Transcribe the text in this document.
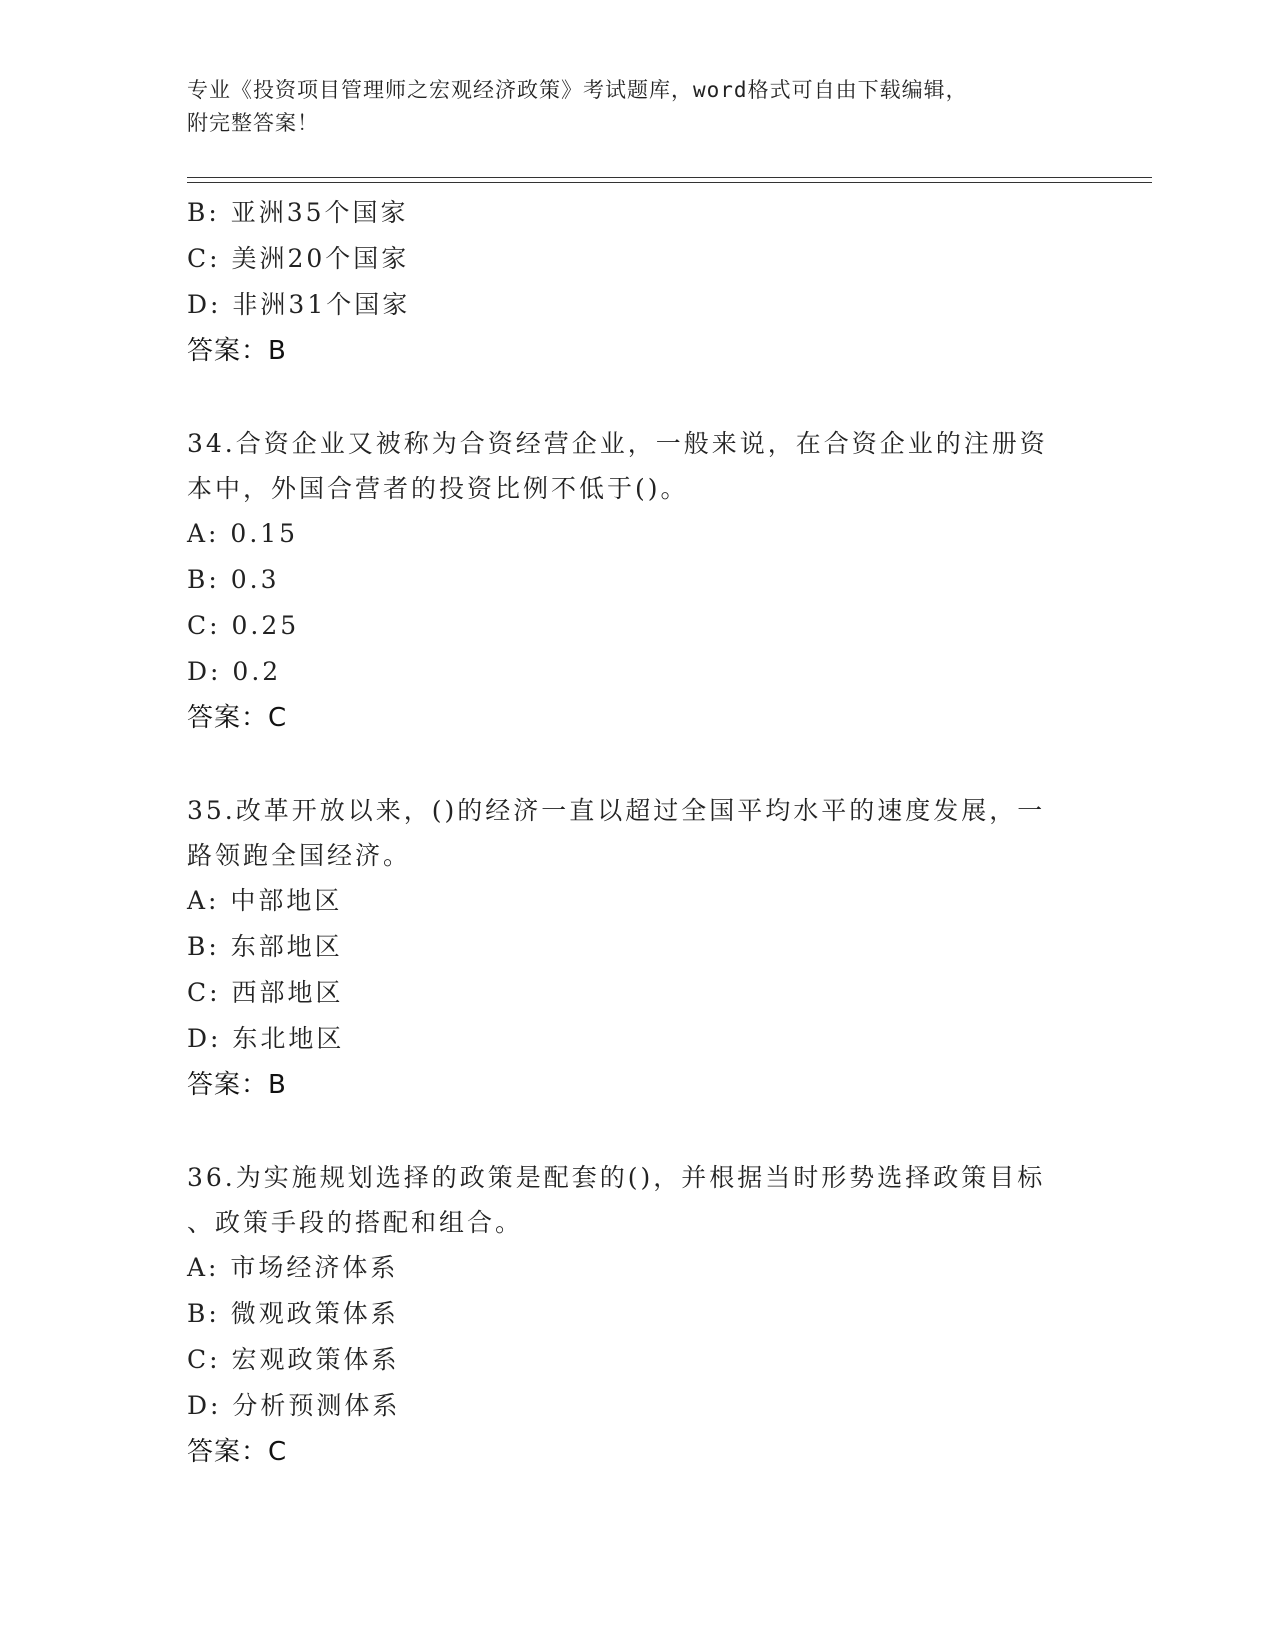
专业《投资项目管理师之宏观经济政策》考试题库，word格式可自由下载编辑，
附完整答案！
B: 亚洲35个国家
C: 美洲20个国家
D: 非洲31个国家
答案：B
34.合资企业又被称为合资经营企业，一般来说，在合资企业的注册资
本中，外国合营者的投资比例不低于()。
A: 0.15
B: 0.3
C: 0.25
D: 0.2
答案：C
35.改革开放以来，()的经济一直以超过全国平均水平的速度发展，一
路领跑全国经济。
A: 中部地区
B: 东部地区
C: 西部地区
D: 东北地区
答案：B
36.为实施规划选择的政策是配套的()，并根据当时形势选择政策目标
、政策手段的搭配和组合。
A: 市场经济体系
B: 微观政策体系
C: 宏观政策体系
D: 分析预测体系
答案：C
